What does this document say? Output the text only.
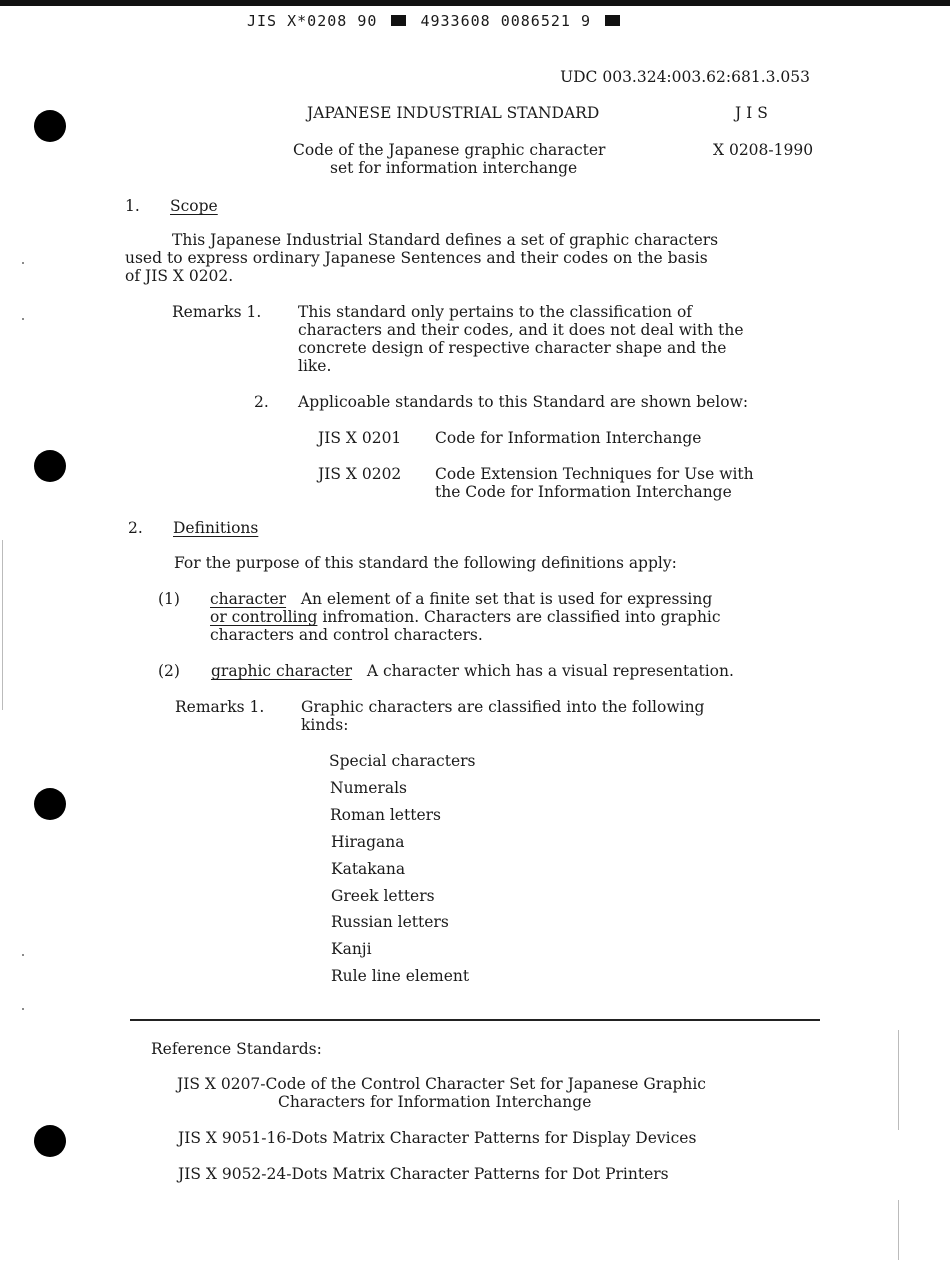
JIS X*0208 90	4933608 0086521 9
UDC 003.324:003.62:681.3.053
JAPANESE INDUSTRIAL STANDARD	J I S
Code of the Japanese graphic character
set for information interchange
X 0208-1990
1. Scope
This Japanese Industrial Standard defines a set of graphic characters
used to express ordinary Japanese Sentences and their codes on the basis
of JIS X 0202.
Remarks 1. This standard only pertains to the classification of
characters and their codes, and it does not deal with the
concrete design of respective character shape and the
like.
2. Applicoable standards to this Standard are shown below:
JIS X 0201 Code for Information Interchange
JIS X 0202 Code Extension Techniques for Use with
the Code for Information Interchange
2. Definitions
For the purpose of this standard the following definitions apply:
(1) character An element of a finite set that is used for expressing
or controlling infromation. Characters are classified into graphic
characters and control characters.
(2) graphic character A character which has a visual representation.
Remarks 1. Graphic characters are classified into the following
kinds:
Special characters
Numerals
Roman letters
Hiragana
Katakana
Greek letters
Russian letters
Kanji
Rule line element
Reference Standards:
JIS X 0207-Code of the Control Character Set for Japanese Graphic
Characters for Information Interchange
JIS X 9051-16-Dots Matrix Character Patterns for Display Devices
JIS X 9052-24-Dots Matrix Character Patterns for Dot Printers
